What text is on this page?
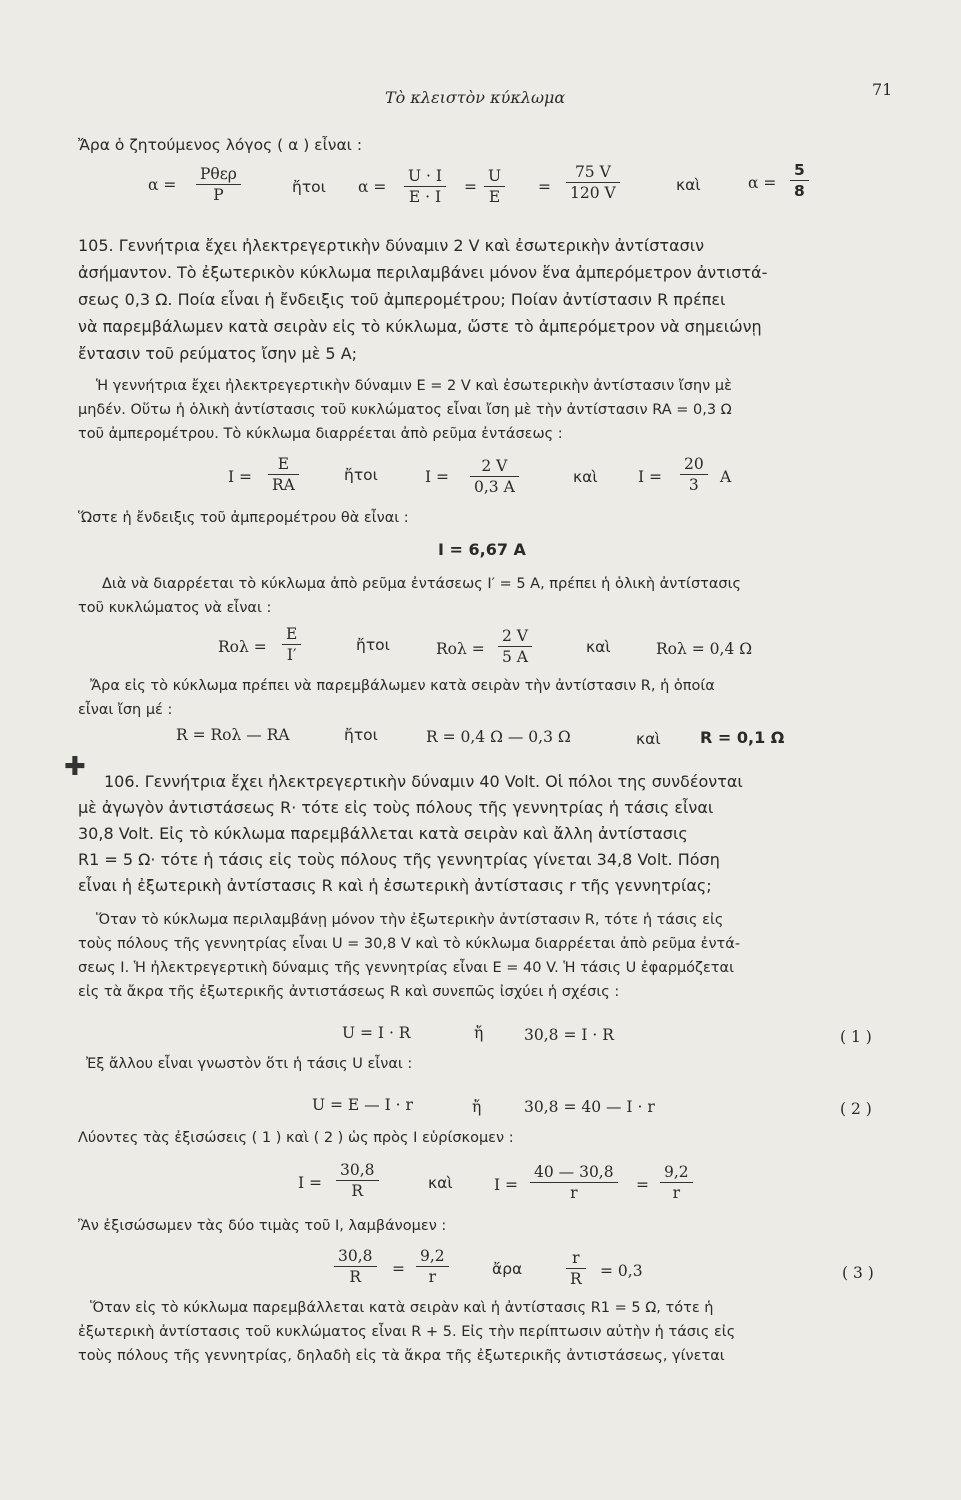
Τὸ κλειστὸν κύκλωμα	71
Ἄρα ὁ ζητούμενος λόγος ( α ) εἶναι :
α =
Pθερ
P	ἤτοι $\alpha = \frac{U \cdot I}{E \cdot I} = \frac{U}{E} = \frac{75 V}{120 V}$	καὶ	$\alpha = \frac{5}{8}$
105. Γεννήτρια ἔχει ἠλεκτρεγερτικὴν δύναμιν 2 V καὶ ἐσωτερικὴν ἀντίστασιν
ἀσήμαντον. Τὸ ἐξωτερικὸν κύκλωμα περιλαμβάνει μόνον ἕνα ἀμπερόμετρον ἀντιστά-
σεως 0,3 Ω. Ποία εἶναι ἡ ἔνδειξις τοῦ ἀμπερομέτρου; Ποίαν ἀντίστασιν R πρέπει
νὰ παρεμβάλωμεν κατὰ σειρὰν εἰς τὸ κύκλωμα, ὥστε τὸ ἀμπερόμετρον νὰ σημειώνῃ
ἔντασιν τοῦ ρεύματος ἴσην μὲ 5 A;
Ἡ γεννήτρια ἔχει ἠλεκτρεγερτικὴν δύναμιν E = 2 V καὶ ἐσωτερικὴν ἀντίστασιν ἴσην μὲ
μηδέν. Οὕτω ἡ ὁλικὴ ἀντίστασις τοῦ κυκλώματος εἶναι ἴση μὲ τὴν ἀντίστασιν RA = 0,3 Ω
τοῦ ἀμπερομέτρου. Τὸ κύκλωμα διαρρέεται ἀπὸ ρεῦμα ἐντάσεως :
$I = \frac{E}{RA}$	ἤτοι	$I = \frac{2 V}{0,3 A}$	καὶ	$I = \frac{20}{3}$ A
Ὥστε ἡ ἔνδειξις τοῦ ἀμπερομέτρου θὰ εἶναι :
I = 6,67 A
Διὰ νὰ διαρρέεται τὸ κύκλωμα ἀπὸ ρεῦμα ἐντάσεως I′ = 5 A, πρέπει ἡ ὁλικὴ ἀντίστασις
τοῦ κυκλώματος νὰ εἶναι :
$Ro\lambda = \frac{E}{I'}$	ἤτοι	$Ro\lambda = \frac{2 V}{5 A}$	καὶ	Rολ = 0,4 Ω
Ἄρα εἰς τὸ κύκλωμα πρέπει νὰ παρεμβάλωμεν κατὰ σειρὰν τὴν ἀντίστασιν R, ἡ ὁποία
εἶναι ἴση μέ :
R = Rολ — RA	ἤτοι	R = 0,4 Ω — 0,3 Ω	καὶ R = 0,1 Ω
✚ 106. Γεννήτρια ἔχει ἠλεκτρεγερτικὴν δύναμιν 40 Volt. Οἱ πόλοι της συνδέονται
μὲ ἀγωγὸν ἀντιστάσεως R· τότε εἰς τοὺς πόλους τῆς γεννητρίας ἡ τάσις εἶναι
30,8 Volt. Εἰς τὸ κύκλωμα παρεμβάλλεται κατὰ σειρὰν καὶ ἄλλη ἀντίστασις
R1 = 5 Ω· τότε ἡ τάσις εἰς τοὺς πόλους τῆς γεννητρίας γίνεται 34,8 Volt. Πόση
εἶναι ἡ ἐξωτερικὴ ἀντίστασις R καὶ ἡ ἐσωτερικὴ ἀντίστασις r τῆς γεννητρίας;
Ὅταν τὸ κύκλωμα περιλαμβάνῃ μόνον τὴν ἐξωτερικὴν ἀντίστασιν R, τότε ἡ τάσις εἰς
τοὺς πόλους τῆς γεννητρίας εἶναι U = 30,8 V καὶ τὸ κύκλωμα διαρρέεται ἀπὸ ρεῦμα ἐντά-
σεως I. Ἡ ἠλεκτρεγερτικὴ δύναμις τῆς γεννητρίας εἶναι E = 40 V. Ἡ τάσις U ἐφαρμόζεται
εἰς τὰ ἄκρα τῆς ἐξωτερικῆς ἀντιστάσεως R καὶ συνεπῶς ἰσχύει ἡ σχέσις :
U = I · R	ἤ	30,8 = I · R	( 1 )
Ἐξ ἄλλου εἶναι γνωστὸν ὅτι ἡ τάσις U εἶναι :
U = E — I · r	ἤ	30,8 = 40 — I · r	( 2 )
Λύοντες τὰς ἐξισώσεις ( 1 ) καὶ ( 2 ) ὡς πρὸς I εὑρίσκομεν :
$I = \frac{30,8}{R}$	καὶ	$I = \frac{40 — 30,8}{r} = \frac{9,2}{r}$
Ἂν ἐξισώσωμεν τὰς δύο τιμὰς τοῦ I, λαμβάνομεν :
$\frac{30,8}{R} = \frac{9,2}{r}$	ἄρα	$\frac{r}{R} = 0,3$	( 3 )
Ὅταν εἰς τὸ κύκλωμα παρεμβάλλεται κατὰ σειρὰν καὶ ἡ ἀντίστασις R1 = 5 Ω, τότε ἡ
ἐξωτερικὴ ἀντίστασις τοῦ κυκλώματος εἶναι R + 5. Εἰς τὴν περίπτωσιν αὐτὴν ἡ τάσις εἰς
τοὺς πόλους τῆς γεννητρίας, δηλαδὴ εἰς τὰ ἄκρα τῆς ἐξωτερικῆς ἀντιστάσεως, γίνεται
